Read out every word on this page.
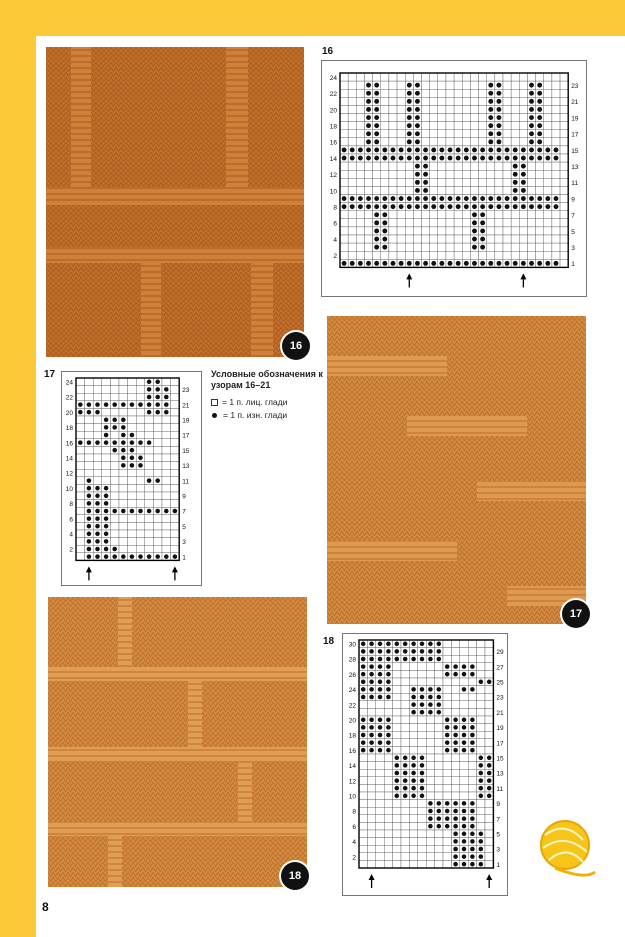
16
16
2
4
6
8
10
12
14
16
18
20
22
24
1
3
5
7
9
11
13
15
17
19
21
23
17
2
4
6
8
10
12
14
16
18
20
22
24
1
3
5
7
9
11
13
15
17
19
21
23
Условные обозначения к узорам 16–21
= 1 п. лиц. глади
= 1 п. изн. глади
17
18
18
2
4
6
8
10
12
14
16
18
20
22
24
26
28
30
1
3
5
7
9
11
13
15
17
19
21
23
25
27
29
8
